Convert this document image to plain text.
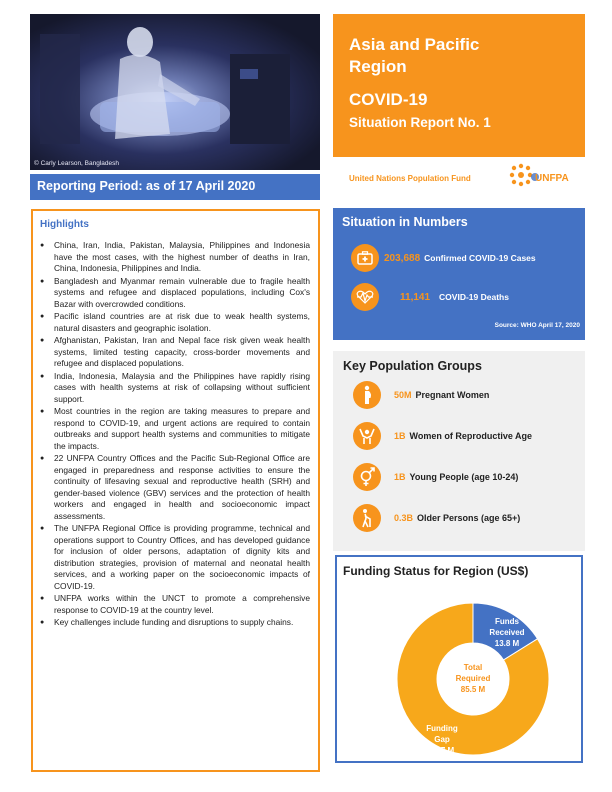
© Carly Learson, Bangladesh
Reporting Period: as of 17 April 2020
Asia and Pacific Region
COVID-19
Situation Report No. 1
United Nations Population Fund	UNFPA
Highlights
● China, Iran, India, Pakistan, Malaysia, Philippines and Indonesia have the most cases, with the highest number of deaths in Iran, China, Indonesia, Philippines and India.
● Bangladesh and Myanmar remain vulnerable due to fragile health systems and refugee and displaced populations, including Cox's Bazar with overcrowded conditions.
● Pacific island countries are at risk due to weak health systems, natural disasters and geographic isolation.
● Afghanistan, Pakistan, Iran and Nepal face risk given weak health systems, limited testing capacity, cross-border movements and refugee and displaced populations.
● India, Indonesia, Malaysia and the Philippines have rapidly rising cases with health systems at risk of collapsing without sufficient support.
● Most countries in the region are taking measures to prepare and respond to COVID-19, and urgent actions are required to contain outbreaks and support health systems and communities to mitigate the impacts.
● 22 UNFPA Country Offices and the Pacific Sub-Regional Office are engaged in preparedness and response activities to ensure the continuity of lifesaving sexual and reproductive health (SRH) and gender-based violence (GBV) services and the protection of health workers and engaged in health and socioeconomic impact assessments.
● The UNFPA Regional Office is providing programme, technical and operations support to Country Offices, and has developed guidance for inclusion of older persons, adaptation of dignity kits and distribution strategies, provision of maternal and neonatal health services, and a working paper on the socioeconomic impacts of COVID-19.
● UNFPA works within the UNCT to promote a comprehensive response to COVID-19 at the country level.
● Key challenges include funding and disruptions to supply chains.
Situation in Numbers
203,688 Confirmed COVID-19 Cases
11,141 COVID-19 Deaths
Source: WHO April 17, 2020
Key Population Groups
50M Pregnant Women
1B Women of Reproductive Age
1B Young People (age 10-24)
0.3B Older Persons (age 65+)
Funding Status for Region (US$)
Total
Required
85.5 M
Funds
Received
13.8 M
Funding
Gap
71.7 M
